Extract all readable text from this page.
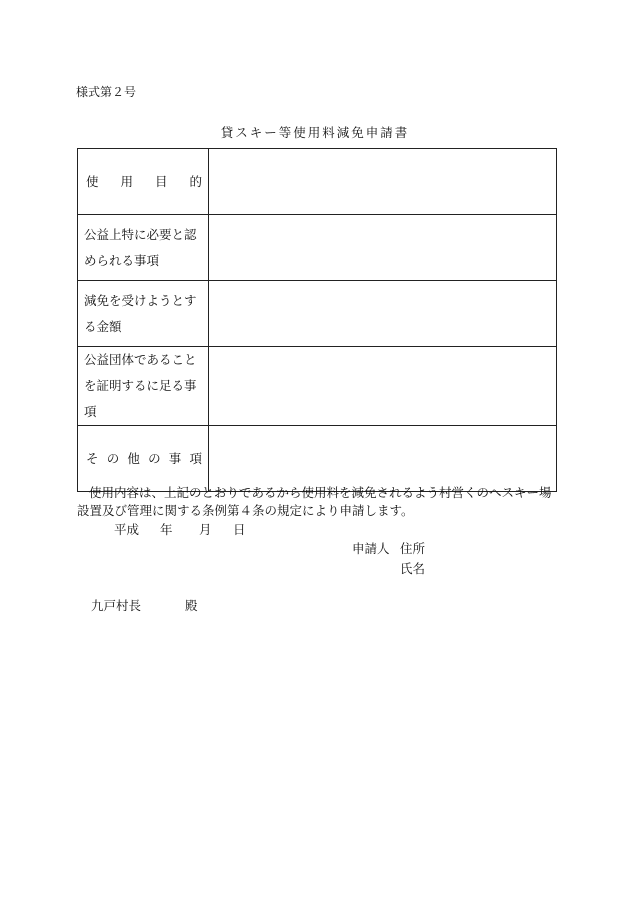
様式第２号
貸スキー等使用料減免申請書
使　用　目　的	
公益上特に必要と認められる事項	
減免を受けようとする金額	
公益団体であることを証明するに足る事項	
そ の 他 の 事 項	
使用内容は、上記のとおりであるから使用料を減免されるよう村営くのへスキー場設置及び管理に関する条例第４条の規定により申請します。
平成 年 月 日
申請人 住所
氏名
九戸村長	殿
